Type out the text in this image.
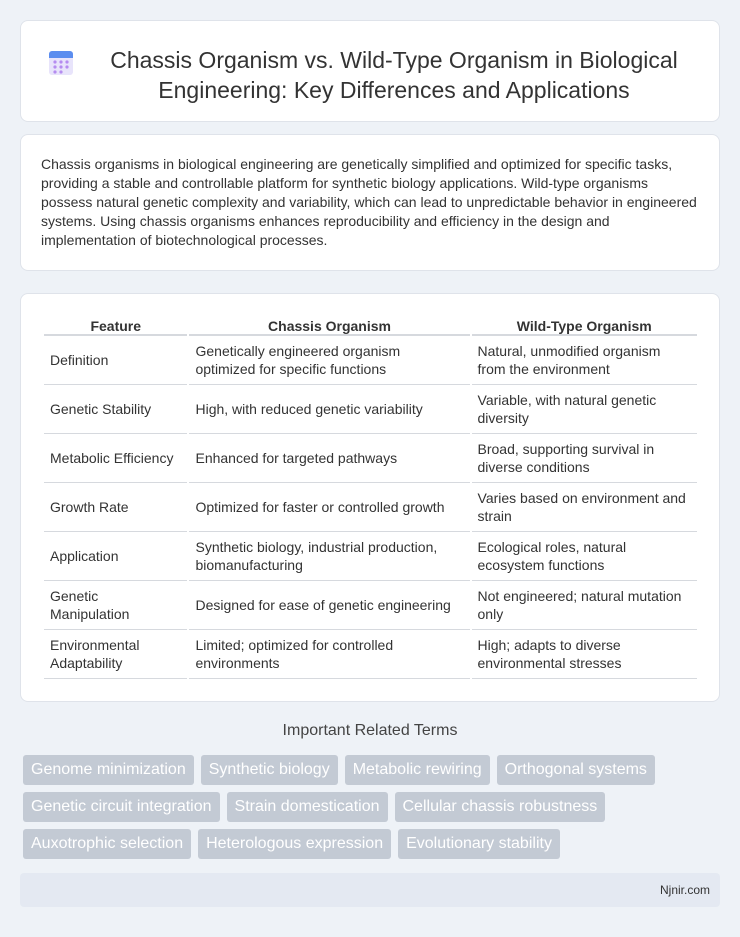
Chassis Organism vs. Wild-Type Organism in Biological Engineering: Key Differences and Applications

Chassis organisms in biological engineering are genetically simplified and optimized for specific tasks, providing a stable and controllable platform for synthetic biology applications. Wild-type organisms possess natural genetic complexity and variability, which can lead to unpredictable behavior in engineered systems. Using chassis organisms enhances reproducibility and efficiency in the design and implementation of biotechnological processes.

Feature	Chassis Organism	Wild-Type Organism
Definition	Genetically engineered organism optimized for specific functions	Natural, unmodified organism from the environment
Genetic Stability	High, with reduced genetic variability	Variable, with natural genetic diversity
Metabolic Efficiency	Enhanced for targeted pathways	Broad, supporting survival in diverse conditions
Growth Rate	Optimized for faster or controlled growth	Varies based on environment and strain
Application	Synthetic biology, industrial production, biomanufacturing	Ecological roles, natural ecosystem functions
Genetic Manipulation	Designed for ease of genetic engineering	Not engineered; natural mutation only
Environmental Adaptability	Limited; optimized for controlled environments	High; adapts to diverse environmental stresses
Important Related Terms
Genome minimization	Synthetic biology	Metabolic rewiring	Orthogonal systems
Genetic circuit integration	Strain domestication	Cellular chassis robustness
Auxotrophic selection	Heterologous expression	Evolutionary stability
Njnir.com
